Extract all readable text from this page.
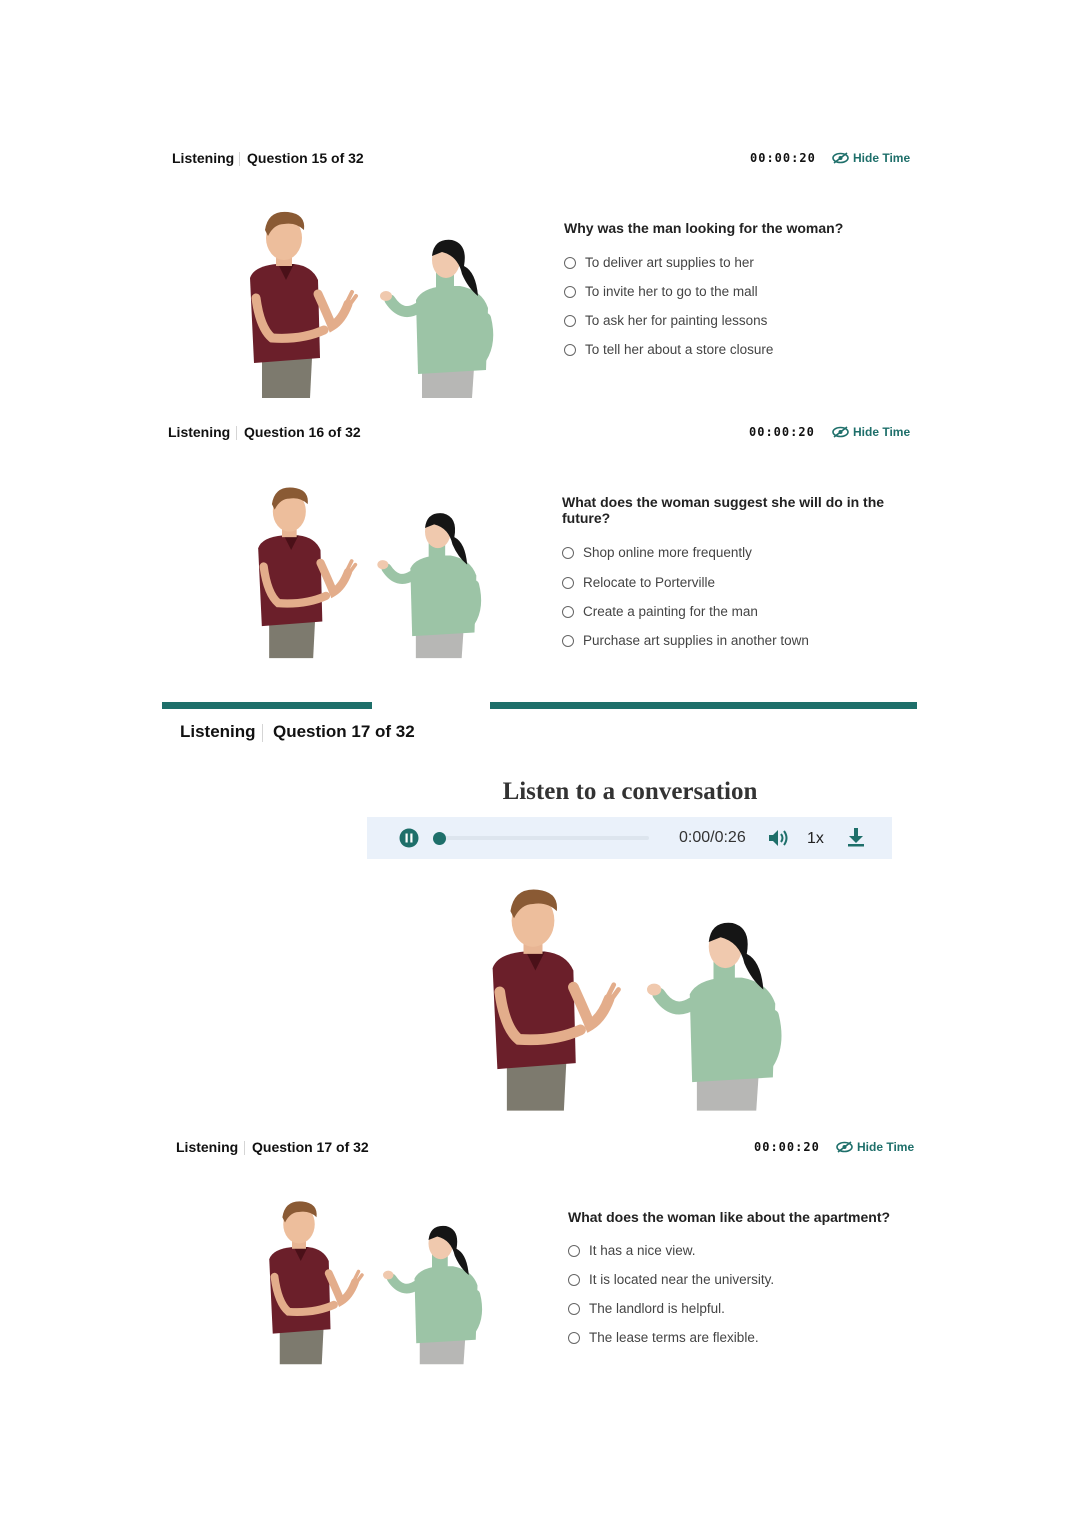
Listening Question 15 of 32	00:00:20	Hide Time
Why was the man looking for the woman?
To deliver art supplies to her
To invite her to go to the mall
To ask her for painting lessons
To tell her about a store closure
Listening Question 16 of 32	00:00:20	Hide Time
What does the woman suggest she will do in the future?
Shop online more frequently
Relocate to Porterville
Create a painting for the man
Purchase art supplies in another town
Listening Question 17 of 32
Listen to a conversation
0:00/0:26	1x
Listening Question 17 of 32	00:00:20	Hide Time
What does the woman like about the apartment?
It has a nice view.
It is located near the university.
The landlord is helpful.
The lease terms are flexible.
